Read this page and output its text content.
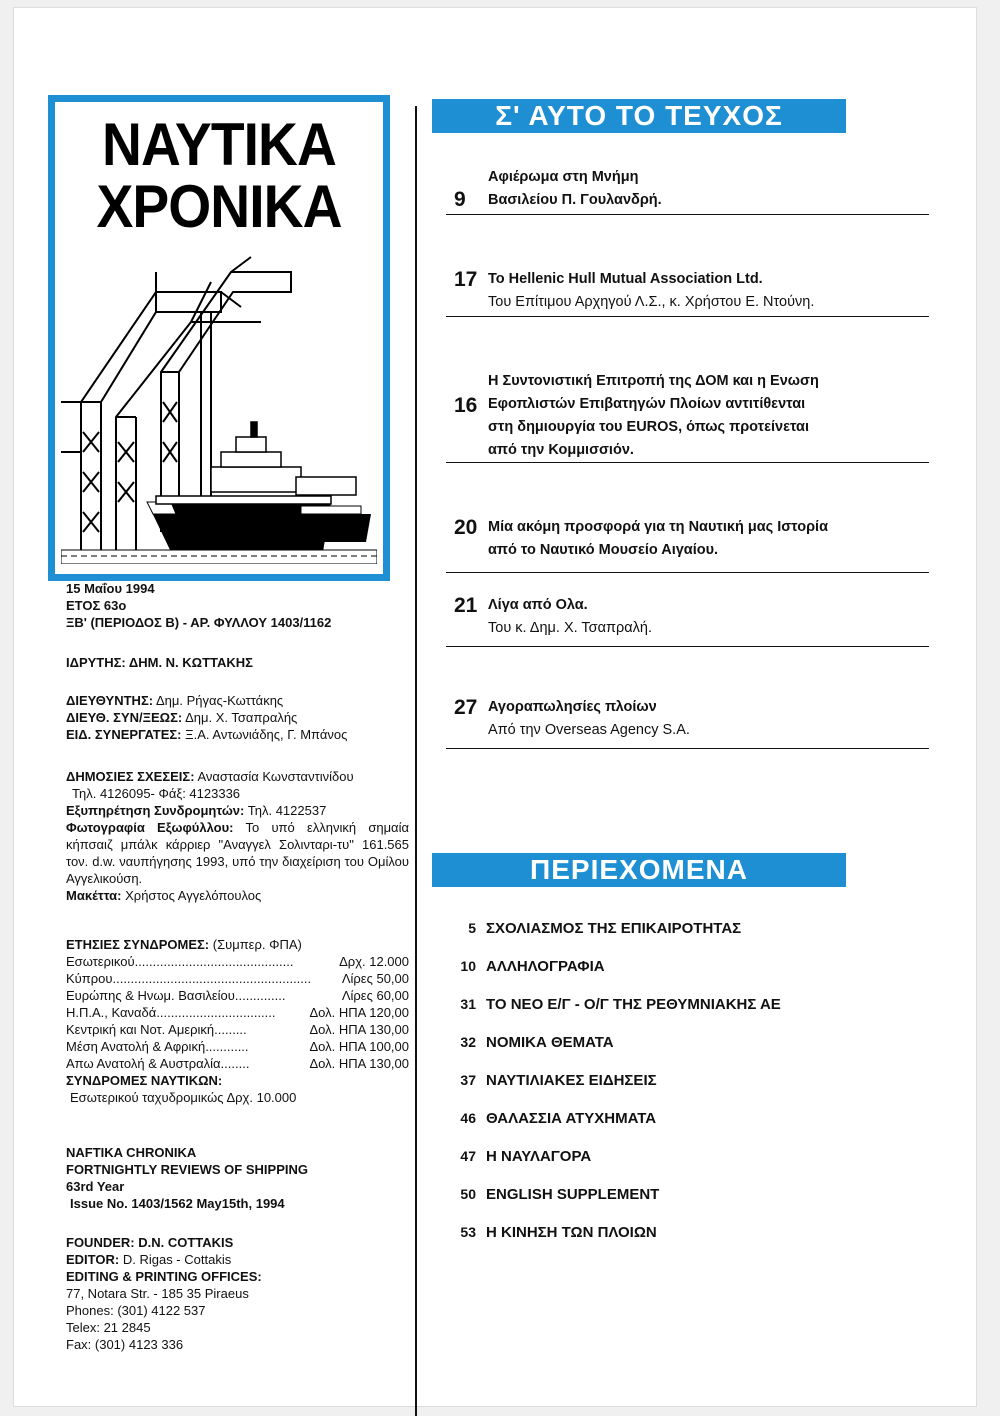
ΝΑΥΤΙΚΑ
ΧΡΟΝΙΚΑ
15 Μαΐου 1994
ΕΤΟΣ 63ο
ΞΒ' (ΠΕΡΙΟΔΟΣ Β) - ΑΡ. ΦΥΛΛΟΥ 1403/1162
ΙΔΡΥΤΗΣ: ΔΗΜ. Ν. ΚΩΤΤΑΚΗΣ
ΔΙΕΥΘΥΝΤΗΣ: Δημ. Ρήγας-Κωττάκης
ΔΙΕΥΘ. ΣΥΝ/ΞΕΩΣ: Δημ. Χ. Τσαπραλής
ΕΙΔ. ΣΥΝΕΡΓΑΤΕΣ: Ξ.Α. Αντωνιάδης, Γ. Μπάνος
ΔΗΜΟΣΙΕΣ ΣΧΕΣΕΙΣ: Αναστασία Κωνσταντινίδου
Τηλ. 4126095- Φάξ: 4123336
Εξυπηρέτηση Συνδρομητών: Τηλ. 4122537
Φωτογραφία Εξωφύλλου: Το υπό ελληνική σημαία κήπσαιζ μπάλκ κάρριερ "Αναγγελ Σολινταρι-τυ" 161.565 τον. d.w. ναυπήγησης 1993, υπό την διαχείριση του Ομίλου Αγγελικούση.
Μακέττα: Χρήστος Αγγελόπουλος
ΕΤΗΣΙΕΣ ΣΥΝΔΡΟΜΕΣ: (Συμπερ. ΦΠΑ)
Εσωτερικού............................................	Δρχ. 12.000
Κύπρου....................................................... Λίρες 50,00
Ευρώπης & Ηνωμ. Βασιλείου..............	Λίρες 60,00
Η.Π.Α., Καναδά.................................	Δολ. ΗΠΑ 120,00
Κεντρική και Νοτ. Αμερική.........	Δολ. ΗΠΑ 130,00
Μέση Ανατολή & Αφρική............	Δολ. ΗΠΑ 100,00
Απω Ανατολή & Αυστραλία........	Δολ. ΗΠΑ 130,00
ΣΥΝΔΡΟΜΕΣ ΝΑΥΤΙΚΩΝ:
Εσωτερικού ταχυδρομικώς Δρχ. 10.000
NAFTIKA CHRONIKA
FORTNIGHTLY REVIEWS OF SHIPPING
63rd Year
Issue No. 1403/1562 May15th, 1994
FOUNDER: D.N. COTTAKIS
EDITOR: D. Rigas - Cottakis
EDITING & PRINTING OFFICES:
77, Notara Str. - 185 35 Piraeus
Phones: (301) 4122 537
Telex: 21 2845
Fax: (301) 4123 336
Σ' ΑΥΤΟ ΤΟ ΤΕΥΧΟΣ
9
Αφιέρωμα στη Μνήμη
Βασιλείου Π. Γουλανδρή.
17 Το Hellenic Hull Mutual Association Ltd.
Του Επίτιμου Αρχηγού Λ.Σ., κ. Χρήστου Ε. Ντούνη.
16
Η Συντονιστική Επιτροπή της ΔΟΜ και η Ενωση
Εφοπλιστών Επιβατηγών Πλοίων αντιτίθενται
στη δημιουργία του EUROS, όπως προτείνεται
από την Κομμισσιόν.
20 Μία ακόμη προσφορά για τη Ναυτική μας Ιστορία
από το Ναυτικό Μουσείο Αιγαίου.
21 Λίγα από Ολα.
Του κ. Δημ. Χ. Τσαπραλή.
27 Αγοραπωλησίες πλοίων
Από την Overseas Agency S.A.
ΠΕΡΙΕΧΟΜΕΝΑ
5 ΣΧΟΛΙΑΣΜΟΣ ΤΗΣ ΕΠΙΚΑΙΡΟΤΗΤΑΣ
10 ΑΛΛΗΛΟΓΡΑΦΙΑ
31 ΤΟ ΝΕΟ Ε/Γ - Ο/Γ ΤΗΣ ΡΕΘΥΜΝΙΑΚΗΣ ΑΕ
32 ΝΟΜΙΚΑ ΘΕΜΑΤΑ
37 ΝΑΥΤΙΛΙΑΚΕΣ ΕΙΔΗΣΕΙΣ
46 ΘΑΛΑΣΣΙΑ ΑΤΥΧΗΜΑΤΑ
47 Η ΝΑΥΛΑΓΟΡΑ
50 ENGLISH SUPPLEMENT
53 Η ΚΙΝΗΣΗ ΤΩΝ ΠΛΟΙΩΝ
